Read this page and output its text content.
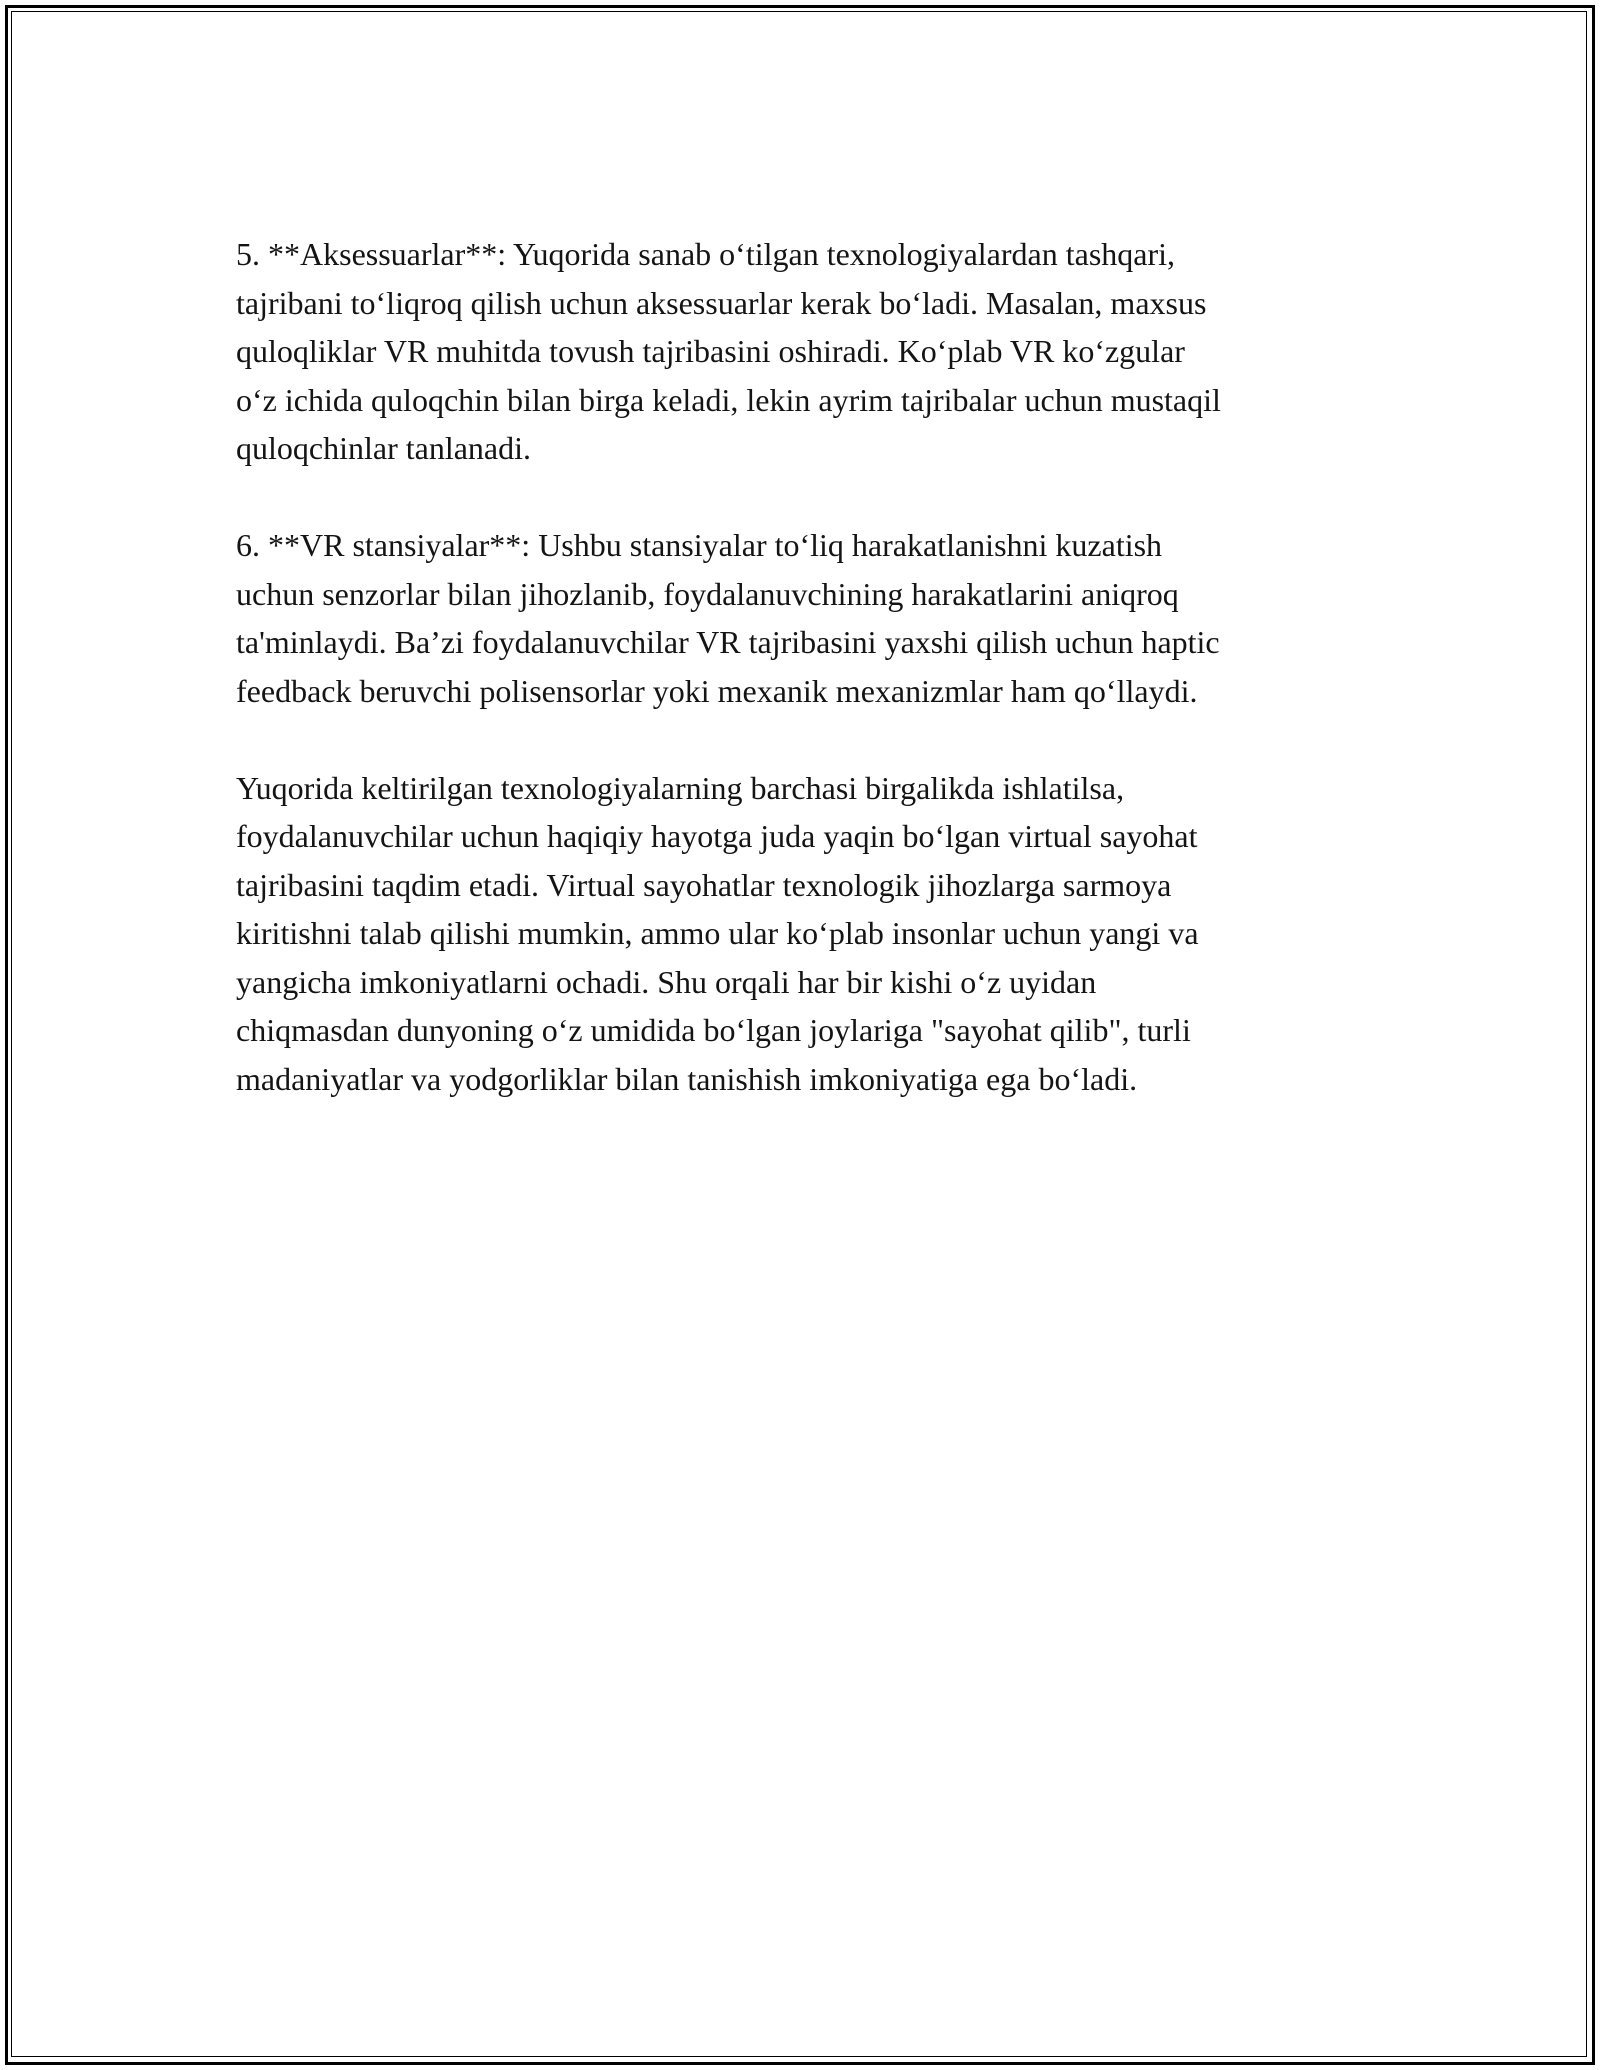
5. **Aksessuarlar**: Yuqorida sanab o‘tilgan texnologiyalardan tashqari,
tajribani to‘liqroq qilish uchun aksessuarlar kerak bo‘ladi. Masalan, maxsus
quloqliklar VR muhitda tovush tajribasini oshiradi. Ko‘plab VR ko‘zgular
o‘z ichida quloqchin bilan birga keladi, lekin ayrim tajribalar uchun mustaqil
quloqchinlar tanlanadi.

6. **VR stansiyalar**: Ushbu stansiyalar to‘liq harakatlanishni kuzatish
uchun senzorlar bilan jihozlanib, foydalanuvchining harakatlarini aniqroq
ta'minlaydi. Ba’zi foydalanuvchilar VR tajribasini yaxshi qilish uchun haptic
feedback beruvchi polisensorlar yoki mexanik mexanizmlar ham qo‘llaydi.

Yuqorida keltirilgan texnologiyalarning barchasi birgalikda ishlatilsa,
foydalanuvchilar uchun haqiqiy hayotga juda yaqin bo‘lgan virtual sayohat
tajribasini taqdim etadi. Virtual sayohatlar texnologik jihozlarga sarmoya
kiritishni talab qilishi mumkin, ammo ular ko‘plab insonlar uchun yangi va
yangicha imkoniyatlarni ochadi. Shu orqali har bir kishi o‘z uyidan
chiqmasdan dunyoning o‘z umidida bo‘lgan joylariga "sayohat qilib", turli
madaniyatlar va yodgorliklar bilan tanishish imkoniyatiga ega bo‘ladi.
